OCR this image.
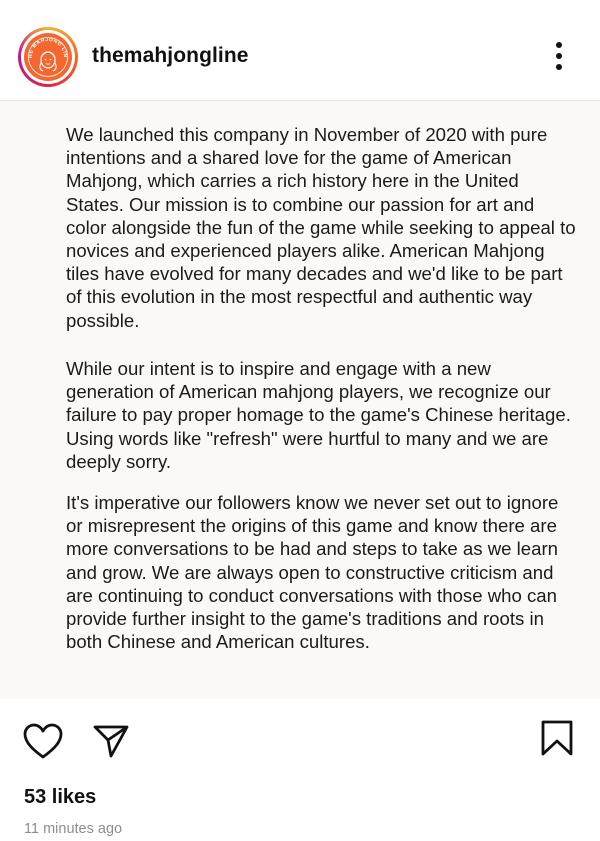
HE MAHJONG LIN themahjongline

We launched this company in November of 2020 with pure intentions and a shared love for the game of American Mahjong, which carries a rich history here in the United States. Our mission is to combine our passion for art and color alongside the fun of the game while seeking to appeal to novices and experienced players alike. American Mahjong tiles have evolved for many decades and we'd like to be part of this evolution in the most respectful and authentic way possible.

While our intent is to inspire and engage with a new generation of American mahjong players, we recognize our failure to pay proper homage to the game's Chinese heritage. Using words like "refresh" were hurtful to many and we are deeply sorry.

It's imperative our followers know we never set out to ignore or misrepresent the origins of this game and know there are more conversations to be had and steps to take as we learn and grow. We are always open to constructive criticism and are continuing to conduct conversations with those who can provide further insight to the game's traditions and roots in both Chinese and American cultures.

53 likes
11 minutes ago
